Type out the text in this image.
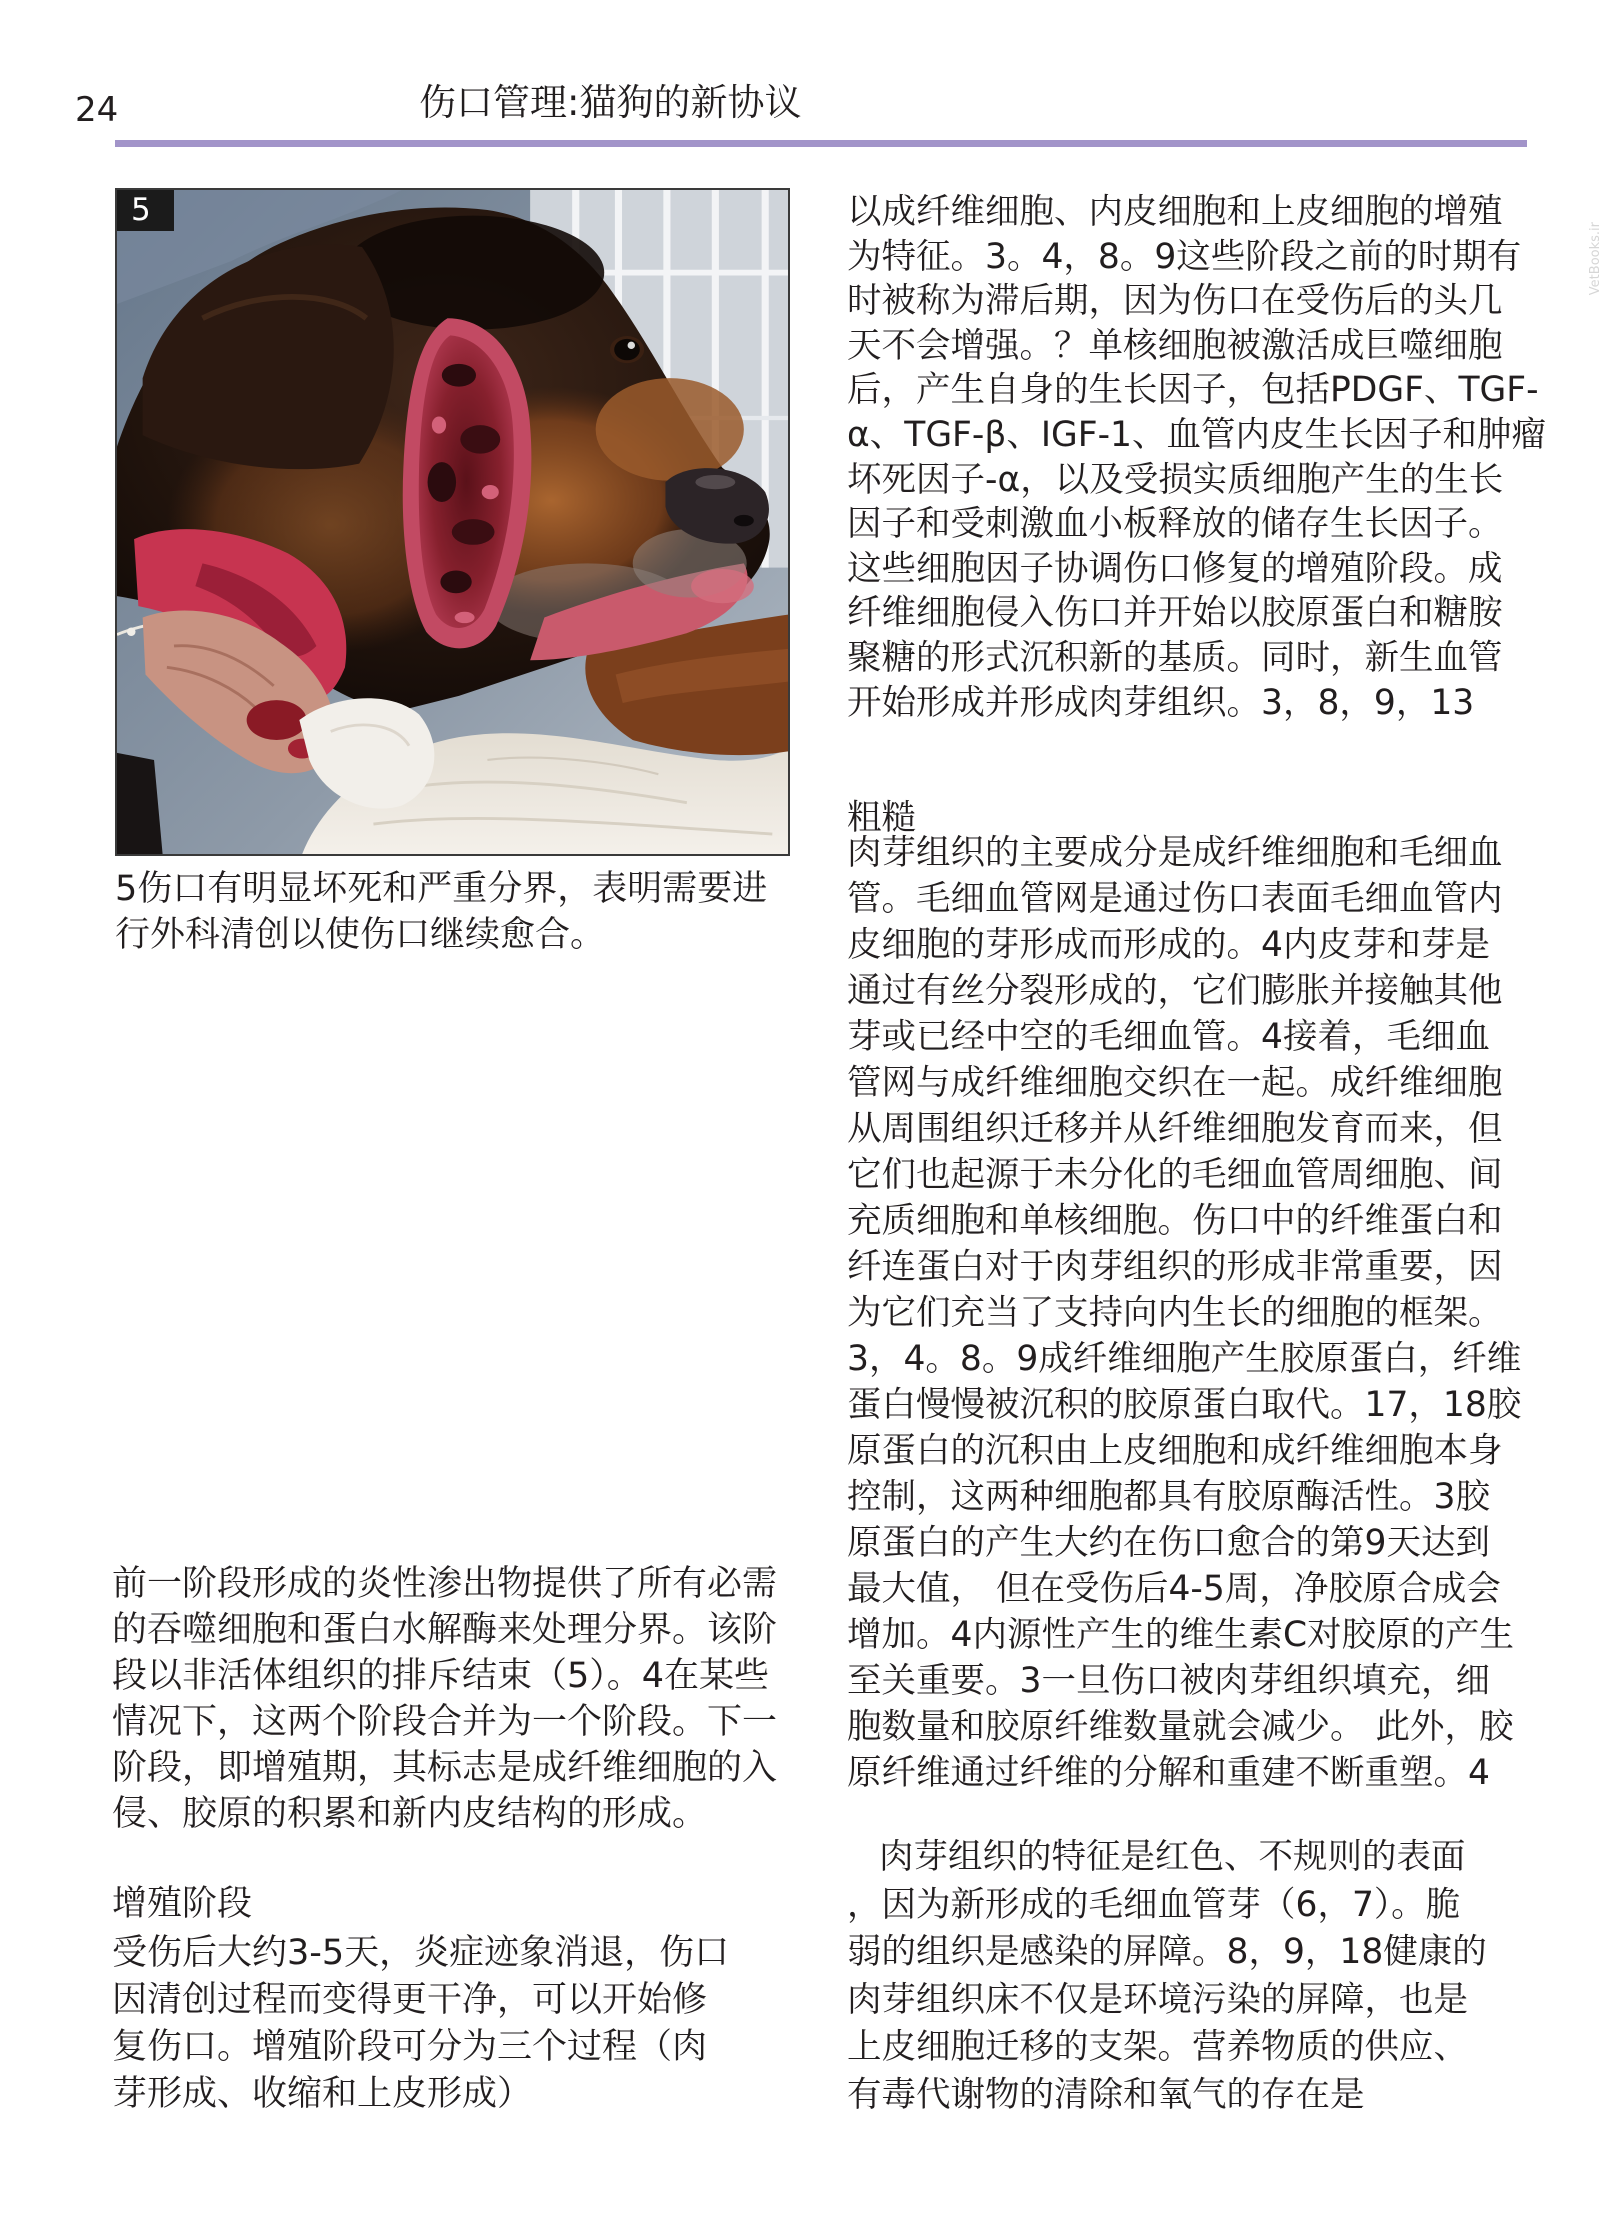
24	伤口管理:猫狗的新协议
VetBooks.ir
5
5伤口有明显坏死和严重分界，表明需要进
行外科清创以使伤口继续愈合。
前一阶段形成的炎性渗出物提供了所有必需
的吞噬细胞和蛋白水解酶来处理分界。该阶
段以非活体组织的排斥结束（5）。4在某些
情况下，这两个阶段合并为一个阶段。下一
阶段，即增殖期，其标志是成纤维细胞的入
侵、胶原的积累和新内皮结构的形成。
增殖阶段
受伤后大约3-5天，炎症迹象消退，伤口
因清创过程而变得更干净，可以开始修
复伤口。增殖阶段可分为三个过程（肉
芽形成、收缩和上皮形成）
以成纤维细胞、内皮细胞和上皮细胞的增殖
为特征。3。4，8。9这些阶段之前的时期有
时被称为滞后期，因为伤口在受伤后的头几
天不会增强。？单核细胞被激活成巨噬细胞
后，产生自身的生长因子，包括PDGF、TGF-
α、TGF-β、IGF-1、血管内皮生长因子和肿瘤
坏死因子-α，以及受损实质细胞产生的生长
因子和受刺激血小板释放的储存生长因子。
这些细胞因子协调伤口修复的增殖阶段。成
纤维细胞侵入伤口并开始以胶原蛋白和糖胺
聚糖的形式沉积新的基质。同时，新生血管
开始形成并形成肉芽组织。3，8，9，13
粗糙
肉芽组织的主要成分是成纤维细胞和毛细血
管。毛细血管网是通过伤口表面毛细血管内
皮细胞的芽形成而形成的。4内皮芽和芽是
通过有丝分裂形成的，它们膨胀并接触其他
芽或已经中空的毛细血管。4接着，毛细血
管网与成纤维细胞交织在一起。成纤维细胞
从周围组织迁移并从纤维细胞发育而来，但
它们也起源于未分化的毛细血管周细胞、间
充质细胞和单核细胞。伤口中的纤维蛋白和
纤连蛋白对于肉芽组织的形成非常重要，因
为它们充当了支持向内生长的细胞的框架。
3，4。8。9成纤维细胞产生胶原蛋白，纤维
蛋白慢慢被沉积的胶原蛋白取代。17，18胶
原蛋白的沉积由上皮细胞和成纤维细胞本身
控制，这两种细胞都具有胶原酶活性。3胶
原蛋白的产生大约在伤口愈合的第9天达到
最大值， 但在受伤后4-5周，净胶原合成会
增加。4内源性产生的维生素C对胶原的产生
至关重要。3一旦伤口被肉芽组织填充，细
胞数量和胶原纤维数量就会减少。 此外，胶
原纤维通过纤维的分解和重建不断重塑。4
肉芽组织的特征是红色、不规则的表面
，因为新形成的毛细血管芽（6，7）。脆
弱的组织是感染的屏障。8，9，18健康的
肉芽组织床不仅是环境污染的屏障，也是
上皮细胞迁移的支架。营养物质的供应、
有毒代谢物的清除和氧气的存在是
